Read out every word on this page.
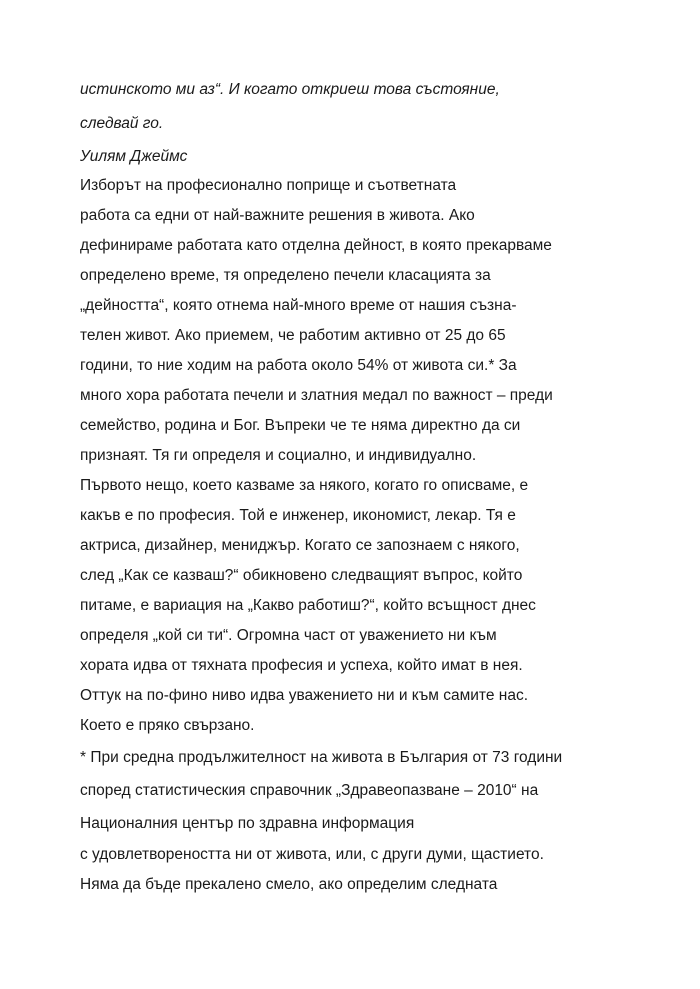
истинското ми аз“. И когато откриеш това състояние,

следвай го.

Уилям Джеймс

Изборът на професионално поприще и съответната

работа са едни от най-важните решения в живота. Ако

дефинираме работата като отделна дейност, в която прекарваме

определено време, тя определено печели класацията за

„дейността“, която отнема най-много време от нашия съзна-

телен живот. Ако приемем, че работим активно от 25 до 65

години, то ние ходим на работа около 54% от живота си.* За

много хора работата печели и златния медал по важност – преди

семейство, родина и Бог. Въпреки че те няма директно да си

признаят. Тя ги определя и социално, и индивидуално.

Първото нещо, което казваме за някого, когато го описваме, е

какъв е по професия. Той е инженер, икономист, лекар. Тя е

актриса, дизайнер, мениджър. Когато се запознаем с някого,

след „Как се казваш?“ обикновено следващият въпрос, който

питаме, е вариация на „Какво работиш?“, който всъщност днес

определя „кой си ти“. Огромна част от уважението ни към

хората идва от тяхната професия и успеха, който имат в нея.

Оттук на по-фино ниво идва уважението ни и към самите нас.

Което е пряко свързано.

* При средна продължителност на живота в България от 73 години

според статистическия справочник „Здравеопазване – 2010“ на

Националния център по здравна информация

с удовлетвореността ни от живота, или, с други думи, щастието.

Няма да бъде прекалено смело, ако определим следната
